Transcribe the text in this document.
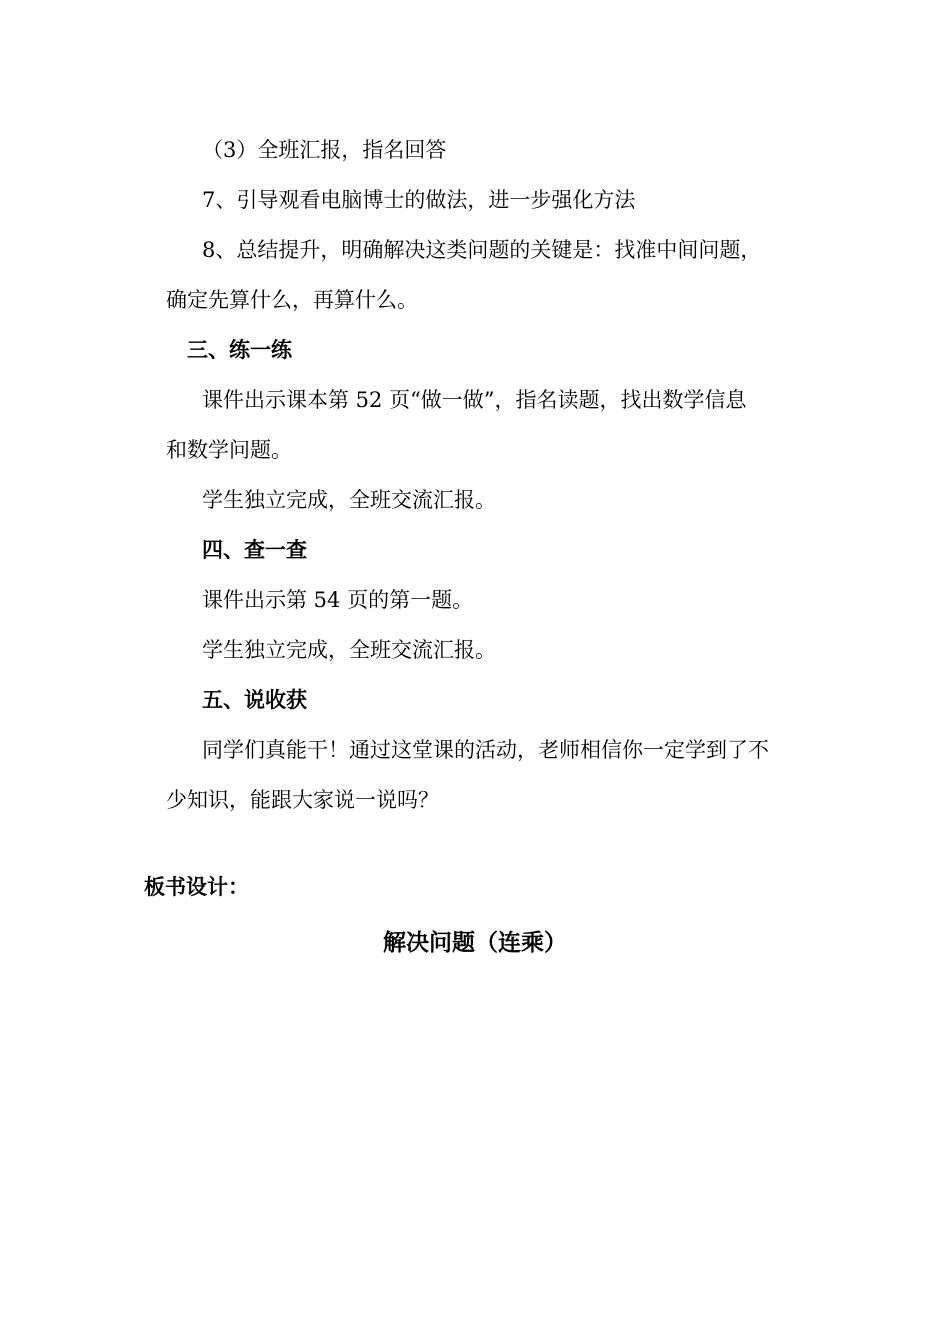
（3）全班汇报，指名回答
7、引导观看电脑博士的做法，进一步强化方法
8、总结提升，明确解决这类问题的关键是：找准中间问题，
确定先算什么，再算什么。
三、练一练
课件出示课本第 52 页“做一做”，指名读题，找出数学信息
和数学问题。
学生独立完成，全班交流汇报。
四、查一查
课件出示第 54 页的第一题。
学生独立完成，全班交流汇报。
五、说收获
同学们真能干！通过这堂课的活动，老师相信你一定学到了不
少知识，能跟大家说一说吗？
板书设计：
解决问题（连乘）
